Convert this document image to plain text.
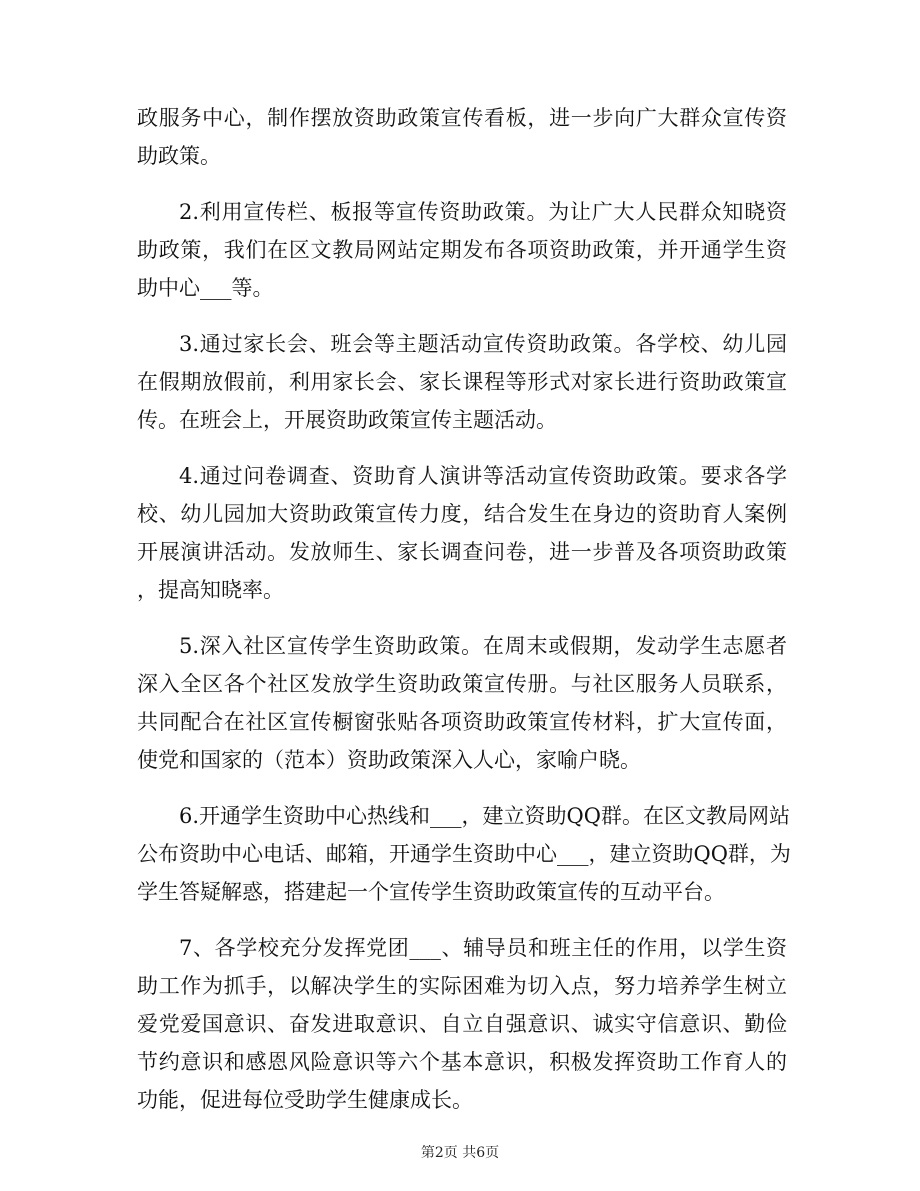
政服务中心，制作摆放资助政策宣传看板，进一步向广大群众宣传资
助政策。
2.利用宣传栏、板报等宣传资助政策。为让广大人民群众知晓资
助政策，我们在区文教局网站定期发布各项资助政策，并开通学生资
助中心___等。
3.通过家长会、班会等主题活动宣传资助政策。各学校、幼儿园
在假期放假前，利用家长会、家长课程等形式对家长进行资助政策宣
传。在班会上，开展资助政策宣传主题活动。
4.通过问卷调查、资助育人演讲等活动宣传资助政策。要求各学
校、幼儿园加大资助政策宣传力度，结合发生在身边的资助育人案例
开展演讲活动。发放师生、家长调查问卷，进一步普及各项资助政策
，提高知晓率。
5.深入社区宣传学生资助政策。在周末或假期，发动学生志愿者
深入全区各个社区发放学生资助政策宣传册。与社区服务人员联系，
共同配合在社区宣传橱窗张贴各项资助政策宣传材料，扩大宣传面，
使党和国家的（范本）资助政策深入人心，家喻户晓。
6.开通学生资助中心热线和___，建立资助QQ群。在区文教局网站
公布资助中心电话、邮箱，开通学生资助中心___，建立资助QQ群，为
学生答疑解惑，搭建起一个宣传学生资助政策宣传的互动平台。
7、各学校充分发挥党团___、辅导员和班主任的作用，以学生资
助工作为抓手，以解决学生的实际困难为切入点，努力培养学生树立
爱党爱国意识、奋发进取意识、自立自强意识、诚实守信意识、勤俭
节约意识和感恩风险意识等六个基本意识，积极发挥资助工作育人的
功能，促进每位受助学生健康成长。
第2页 共6页
